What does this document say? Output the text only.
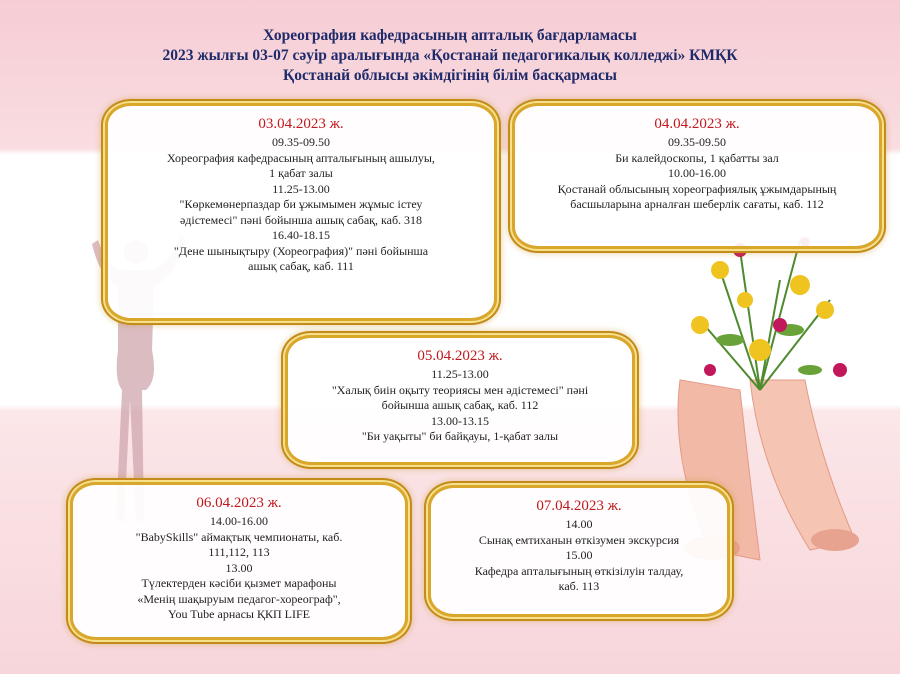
Хореография кафедрасының апталық бағдарламасы
2023 жылғы 03-07 сәуір аралығында «Қостанай педагогикалық колледжі» КМҚК
Қостанай облысы әкімдігінің білім басқармасы
03.04.2023 ж.
09.35-09.50
Хореография кафедрасының апталығының ашылуы,
1 қабат залы
11.25-13.00
"Көркемөнерпаздар би ұжымымен жұмыс істеу
әдістемесі" пәні бойынша ашық сабақ, каб. 318
16.40-18.15
"Дене шынықтыру (Хореография)" пәні бойынша
ашық сабақ, каб. 111
04.04.2023 ж.
09.35-09.50
Би калейдоскопы, 1 қабатты зал
10.00-16.00
Қостанай облысының хореографиялық ұжымдарының
басшыларына арналған шеберлік сағаты, каб. 112
05.04.2023 ж.
11.25-13.00
"Халық биін оқыту теориясы мен әдістемесі" пәні
бойынша ашық сабақ, каб. 112
13.00-13.15
"Би уақыты" би байқауы, 1-қабат залы
06.04.2023 ж.
14.00-16.00
"BabySkills" аймақтық чемпионаты, каб.
111,112, 113
13.00
Түлектерден кәсіби қызмет марафоны
«Менің шақыруым педагог-хореограф",
You Tube арнасы ҚКП LIFE
07.04.2023 ж.
14.00
Сынақ емтиханын өткізумен экскурсия
15.00
Кафедра апталығының өткізілуін талдау,
каб. 113
